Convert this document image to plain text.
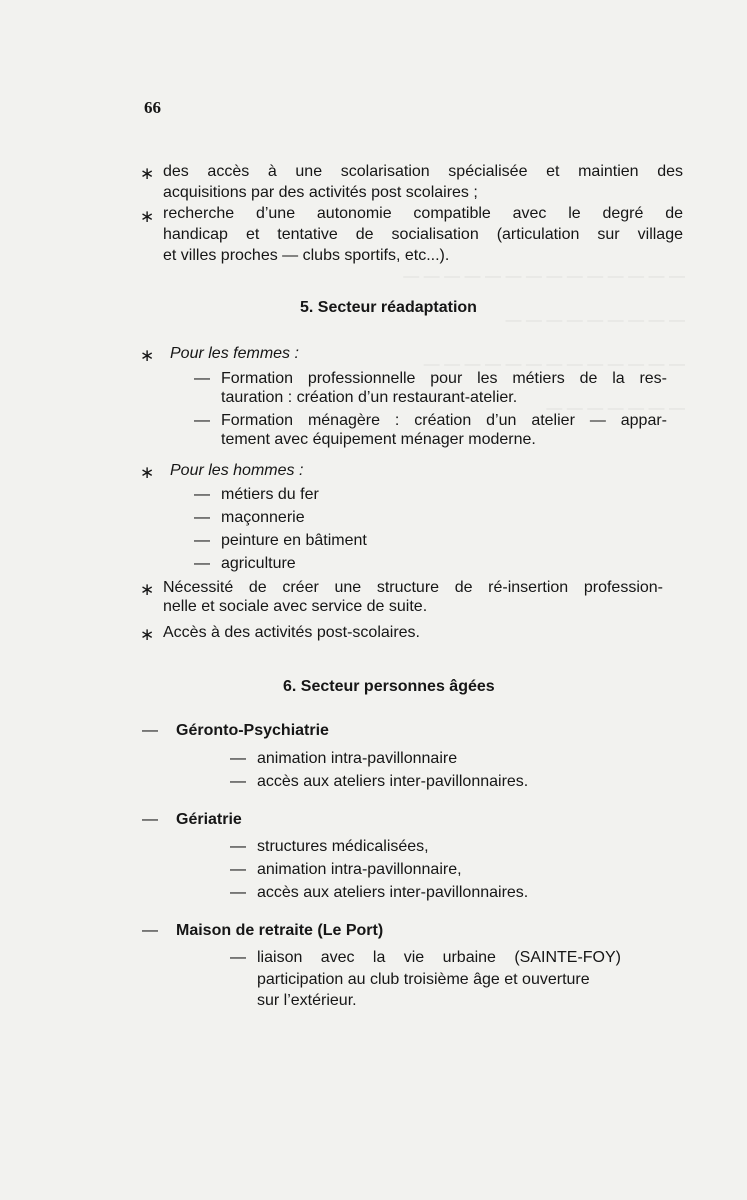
— — — — — — — — — — — — — —

— — — — — — — — —

— — — — — — — — — — — — —

— — — — — — —
66
∗ des accès à une scolarisation spécialisée et maintien des
acquisitions par des activités post scolaires ;
∗ recherche d’une autonomie compatible avec le degré de
handicap et tentative de socialisation (articulation sur village
et villes proches — clubs sportifs, etc...).
5. Secteur réadaptation
∗ Pour les femmes :
— Formation professionnelle pour les métiers de la res-
tauration : création d’un restaurant-atelier.
— Formation ménagère : création d’un atelier — appar-
tement avec équipement ménager moderne.
∗ Pour les hommes :
— métiers du fer
— maçonnerie
— peinture en bâtiment
— agriculture
∗ Nécessité de créer une structure de ré-insertion profession-
nelle et sociale avec service de suite.
∗ Accès à des activités post-scolaires.
6. Secteur personnes âgées
— Géronto-Psychiatrie
— animation intra-pavillonnaire
— accès aux ateliers inter-pavillonnaires.
— Gériatrie
— structures médicalisées,
— animation intra-pavillonnaire,
— accès aux ateliers inter-pavillonnaires.
— Maison de retraite (Le Port)
— liaison avec la vie urbaine (SAINTE-FOY)
participation au club troisième âge et ouverture
sur l’extérieur.
